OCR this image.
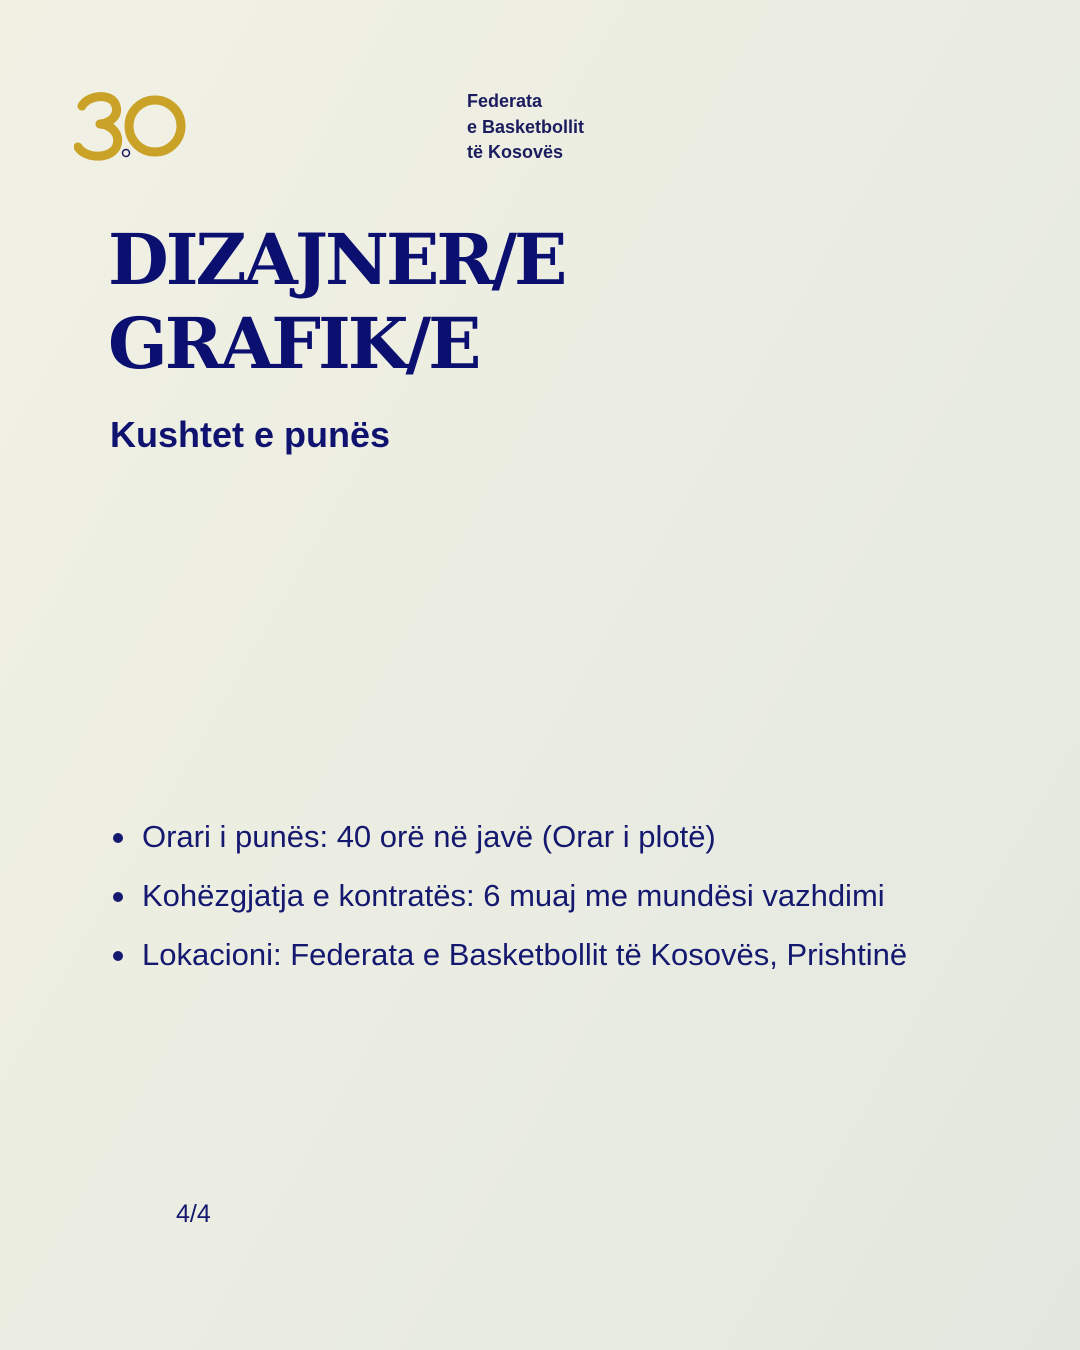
Federata
e Basketbollit
të Kosovës
DIZAJNER/E
GRAFIK/E
Kushtet e punës
Orari i punës: 40 orë në javë (Orar i plotë)
Kohëzgjatja e kontratës: 6 muaj me mundësi vazhdimi
Lokacioni: Federata e Basketbollit të Kosovës, Prishtinë
4/4
